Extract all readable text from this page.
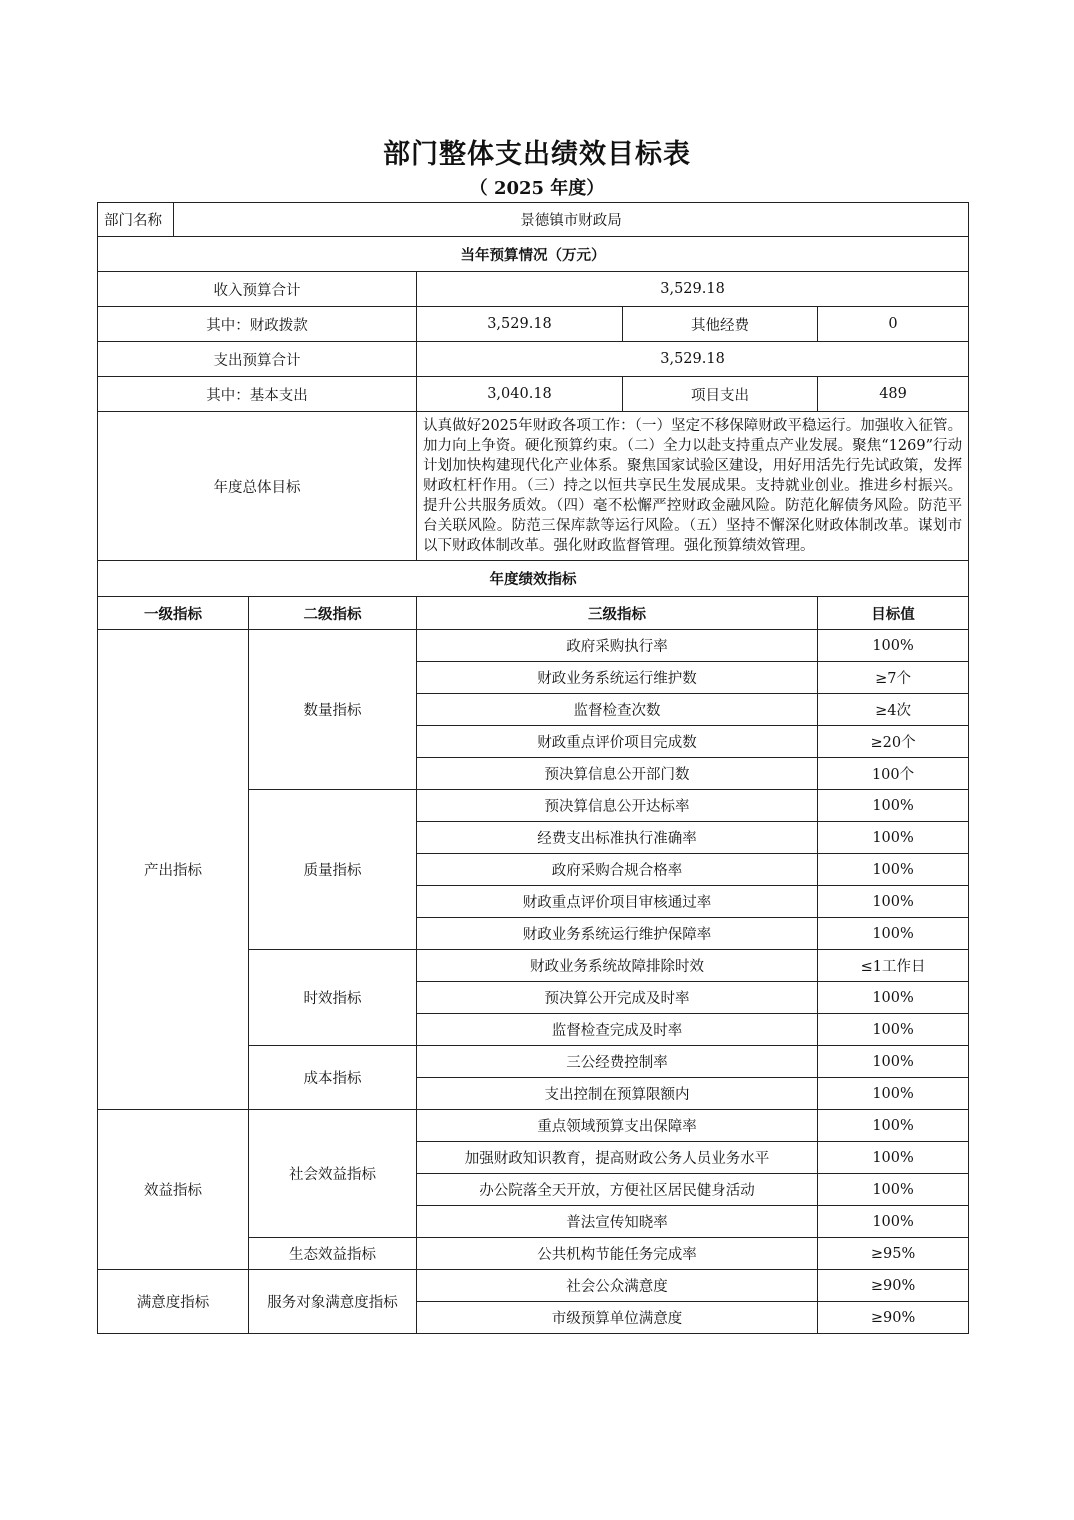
部门整体支出绩效目标表
（ 2025 年度）
部门名称	景德镇市财政局
当年预算情况（万元）				
收入预算合计		3,529.18		
其中：财政拨款		3,529.18	其他经费	0
支出预算合计		3,529.18		
其中：基本支出		3,040.18	项目支出	489
年度总体目标		认真做好2025年财政各项工作：（一）坚定不移保障财政平稳运行。加强收入征管。加力向上争资。硬化预算约束。（二）全力以赴支持重点产业发展。聚焦“1269”行动计划加快构建现代化产业体系。聚焦国家试验区建设，用好用活先行先试政策，发挥财政杠杆作用。（三）持之以恒共享民生发展成果。支持就业创业。推进乡村振兴。提升公共服务质效。（四）毫不松懈严控财政金融风险。防范化解债务风险。防范平台关联风险。防范三保库款等运行风险。（五）坚持不懈深化财政体制改革。谋划市以下财政体制改革。强化财政监督管理。强化预算绩效管理。		
年度绩效指标				
一级指标	二级指标	三级指标		目标值
产出指标	数量指标	政府采购执行率		100%
		财政业务系统运行维护数		≥7个
		监督检查次数		≥4次
		财政重点评价项目完成数		≥20个
		预决算信息公开部门数		100个
	质量指标	预决算信息公开达标率		100%
		经费支出标准执行准确率		100%
		政府采购合规合格率		100%
		财政重点评价项目审核通过率		100%
		财政业务系统运行维护保障率		100%
	时效指标	财政业务系统故障排除时效		≤1工作日
		预决算公开完成及时率		100%
		监督检查完成及时率		100%
	成本指标	三公经费控制率		100%
		支出控制在预算限额内		100%
效益指标	社会效益指标	重点领域预算支出保障率		100%
		加强财政知识教育，提高财政公务人员业务水平		100%
		办公院落全天开放，方便社区居民健身活动		100%
		普法宣传知晓率		100%
	生态效益指标	公共机构节能任务完成率		≥95%
满意度指标	服务对象满意度指标	社会公众满意度		≥90%
		市级预算单位满意度		≥90%
